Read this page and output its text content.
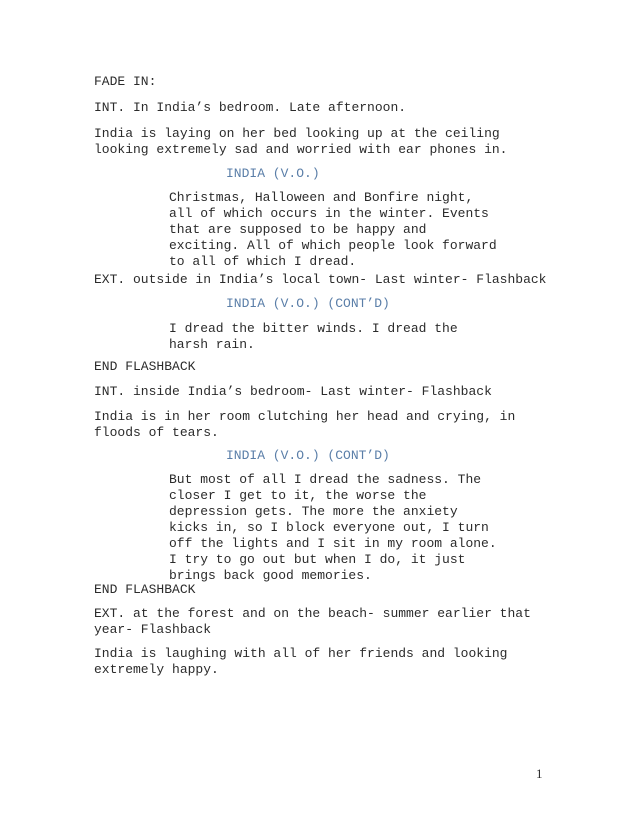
FADE IN:

INT. In India’s bedroom. Late afternoon.

India is laying on her bed looking up at the ceiling
looking extremely sad and worried with ear phones in.

INDIA (V.O.)

Christmas, Halloween and Bonfire night,
all of which occurs in the winter. Events
that are supposed to be happy and
exciting. All of which people look forward
to all of which I dread.

EXT. outside in India’s local town- Last winter- Flashback

INDIA (V.O.) (CONT’D)

I dread the bitter winds. I dread the
harsh rain.

END FLASHBACK

INT. inside India’s bedroom- Last winter- Flashback

India is in her room clutching her head and crying, in
floods of tears.

INDIA (V.O.) (CONT’D)

But most of all I dread the sadness. The
closer I get to it, the worse the
depression gets. The more the anxiety
kicks in, so I block everyone out, I turn
off the lights and I sit in my room alone.
I try to go out but when I do, it just
brings back good memories.

END FLASHBACK

EXT. at the forest and on the beach- summer earlier that
year- Flashback

India is laughing with all of her friends and looking
extremely happy.

1
